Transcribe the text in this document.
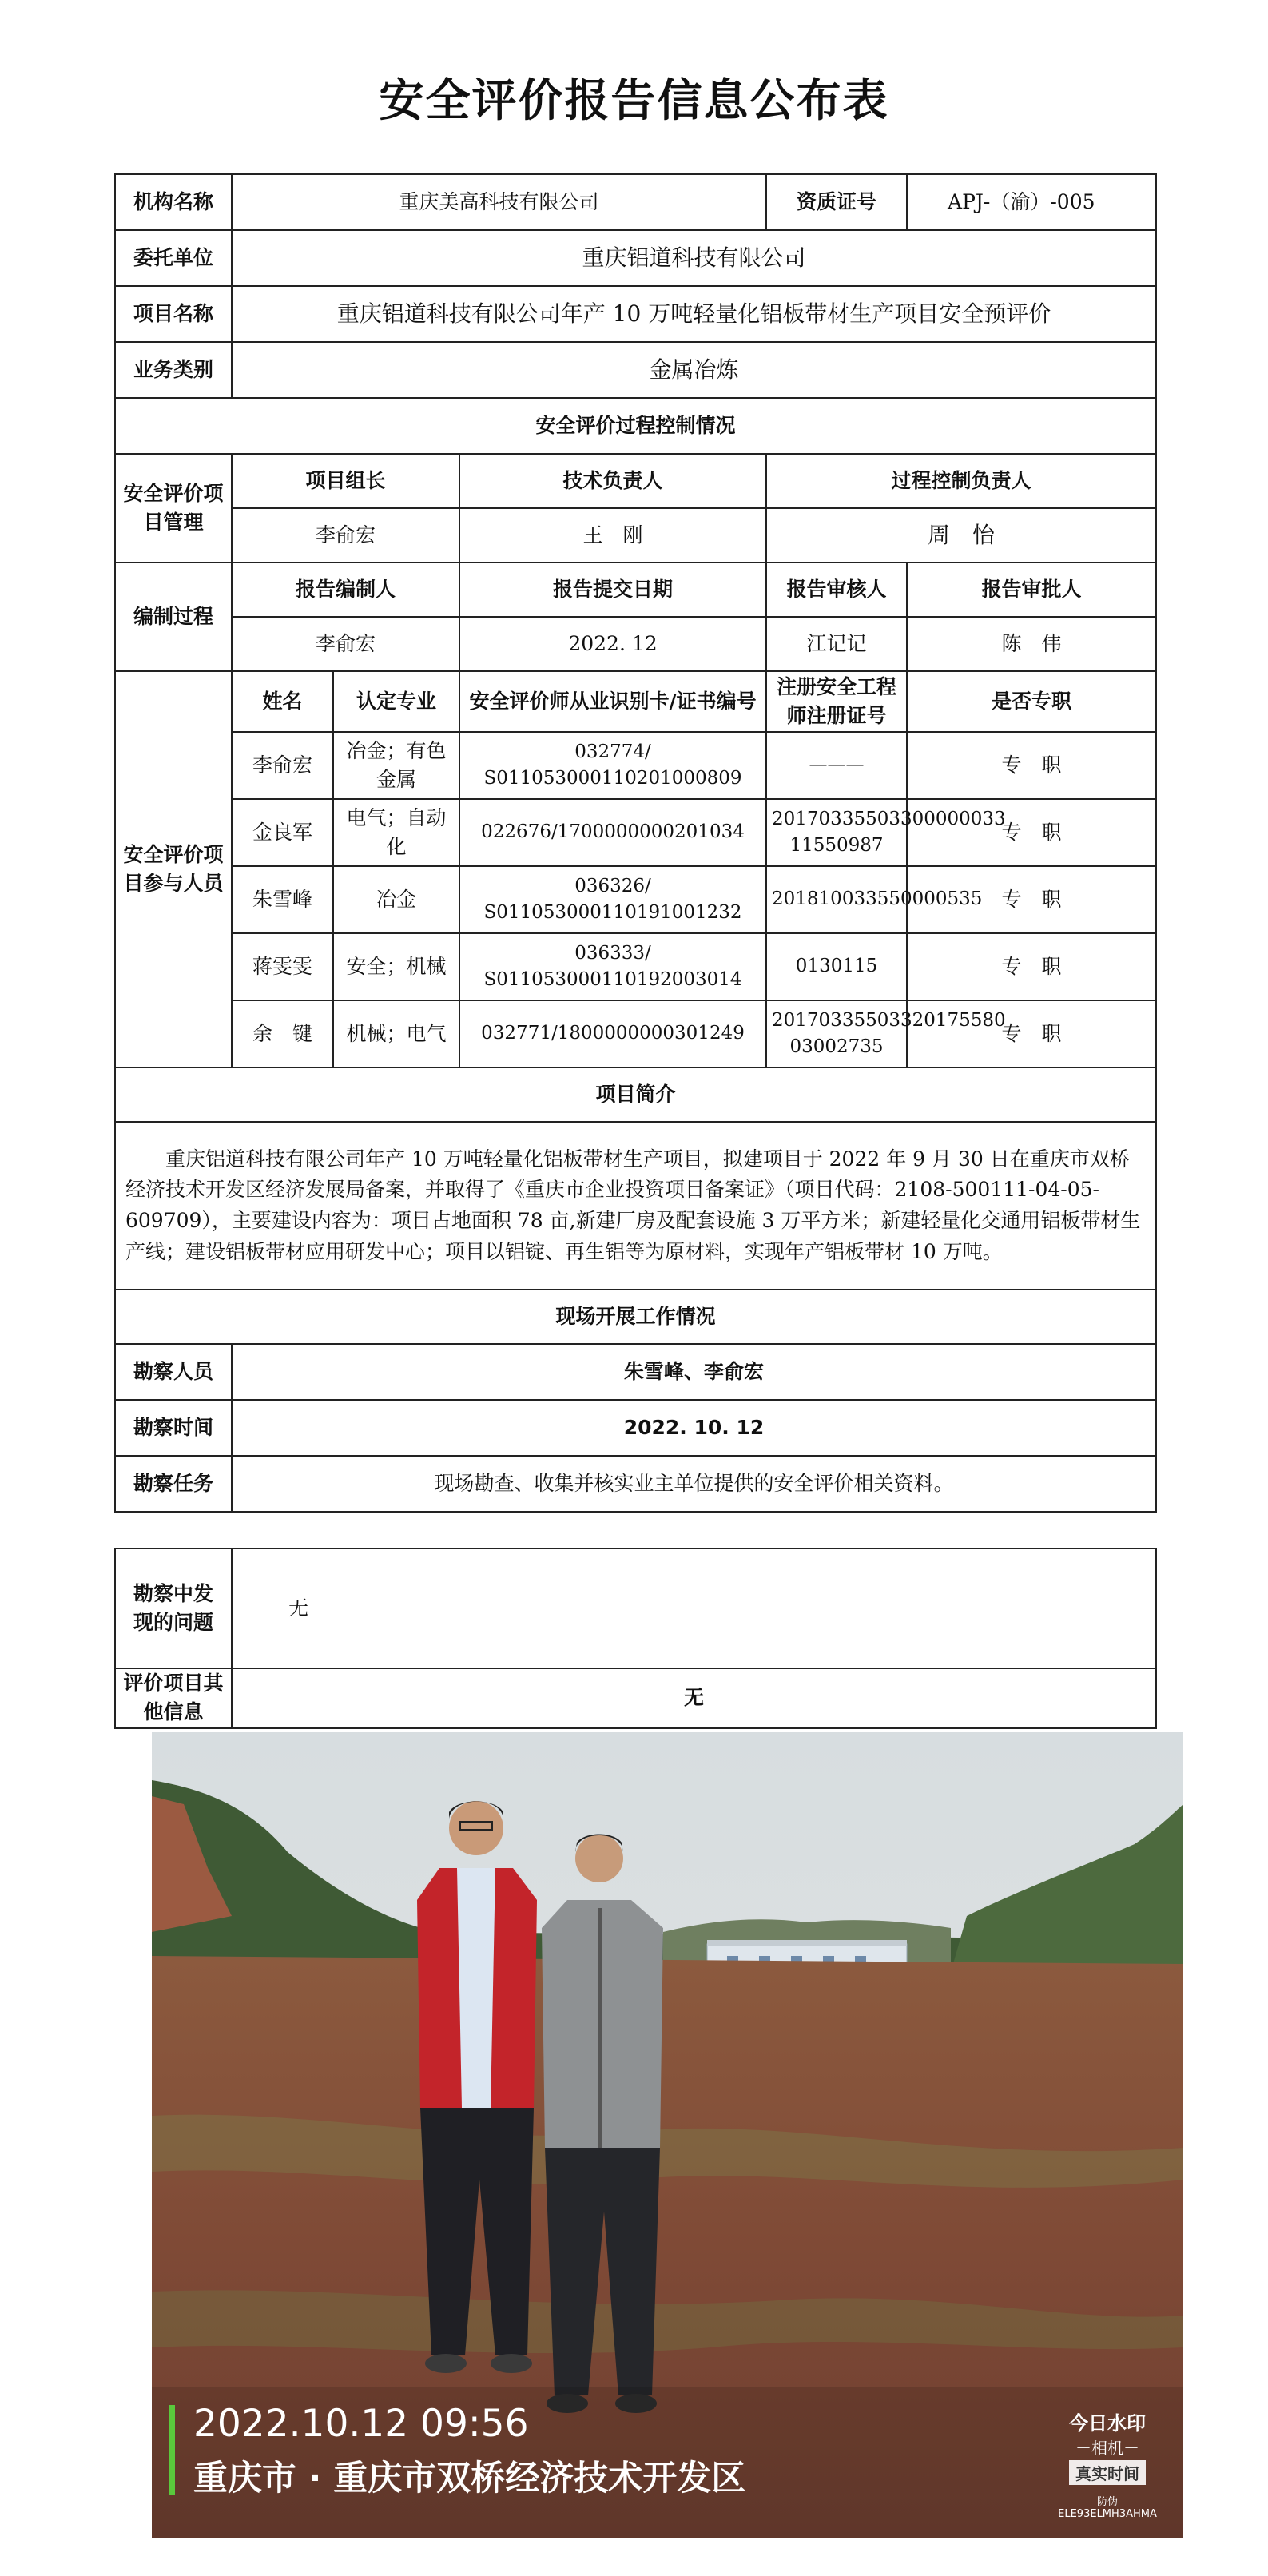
安全评价报告信息公布表
机构名称	重庆美高科技有限公司			资质证号	APJ-（渝）-005
委托单位	重庆铝道科技有限公司				
项目名称	重庆铝道科技有限公司年产 10 万吨轻量化铝板带材生产项目安全预评价				
业务类别	金属冶炼				
安全评价过程控制情况					
安全评价项目管理	项目组长		技术负责人	过程控制负责人	
	李俞宏		王　刚	周　怡	
编制过程	报告编制人		报告提交日期	报告审核人	报告审批人
	李俞宏		2022. 12	江记记	陈　伟
安全评价项目参与人员	姓名	认定专业	安全评价师从业识别卡/证书编号	注册安全工程师注册证号	是否专职
	李俞宏	冶金；有色金属	032774/ S011053000110201000809	———	专　职
	金良军	电气；自动化	022676/1700000000201034	20170335503300000033 11550987	专　职
	朱雪峰	冶金	036326/ S011053000110191001232	201810033550000535	专　职
	蒋雯雯	安全；机械	036333/ S011053000110192003014	0130115	专　职
	余　键	机械；电气	032771/1800000000301249	20170335503320175580 03002735	专　职
项目简介					
重庆铝道科技有限公司年产 10 万吨轻量化铝板带材生产项目，拟建项目于 2022 年 9 月 30 日在重庆市双桥经济技术开发区经济发展局备案，并取得了《重庆市企业投资项目备案证》（项目代码：2108-500111-04-05-609709），主要建设内容为：项目占地面积 78 亩,新建厂房及配套设施 3 万平方米；新建轻量化交通用铝板带材生产线；建设铝板带材应用研发中心；项目以铝锭、再生铝等为原材料，实现年产铝板带材 10 万吨。					
现场开展工作情况					
勘察人员	朱雪峰、李俞宏				
勘察时间	2022. 10. 12				
勘察任务	现场勘查、收集并核实业主单位提供的安全评价相关资料。				
勘察中发现的问题	无
评价项目其他信息	无
2022.10.12 09:56
重庆市 · 重庆市双桥经济技术开发区
今日水印
－相机－
真实时间
防伪 ELE93ELMH3AHMA
